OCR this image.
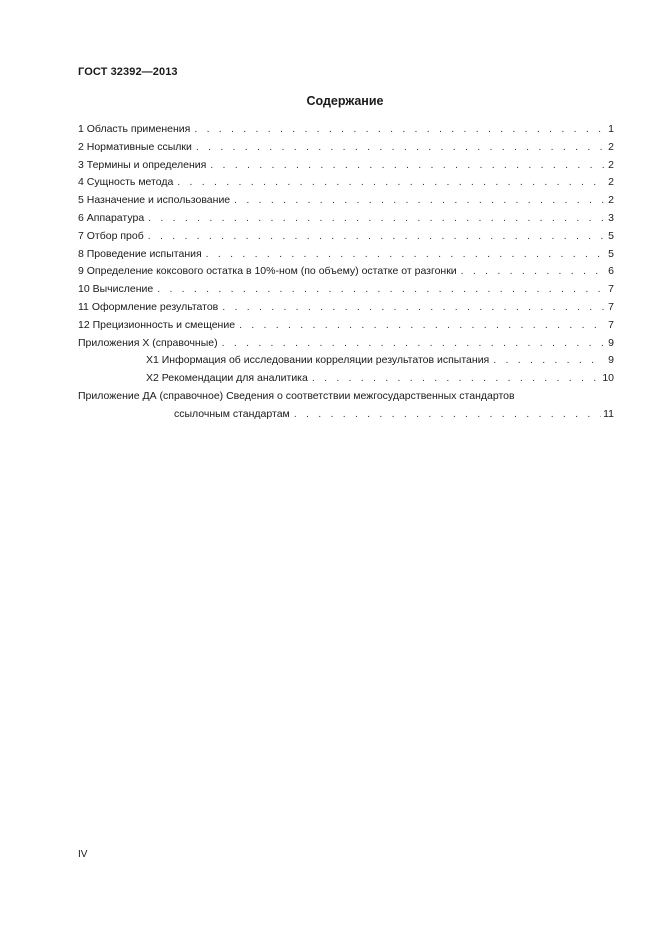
ГОСТ 32392—2013
Содержание
1 Область применения . . .	1
2 Нормативные ссылки . . .	2
3 Термины и определения . . .	2
4 Сущность метода . . .	2
5 Назначение и использование . . .	2
6 Аппаратура . . .	3
7 Отбор проб . . .	5
8 Проведение испытания . . .	5
9 Определение коксового остатка в 10%-ном (по объему) остатке от разгонки . . .	6
10 Вычисление . . .	7
11 Оформление результатов . . .	7
12 Прецизионность и смещение . . .	7
Приложения Х (справочные) . . .	9
Х1 Информация об исследовании корреляции результатов испытания . . .	9
Х2 Рекомендации для аналитика . . .	10
Приложение ДА (справочное) Сведения о соответствии межгосударственных стандартов
ссылочным стандартам . . .	11
IV
